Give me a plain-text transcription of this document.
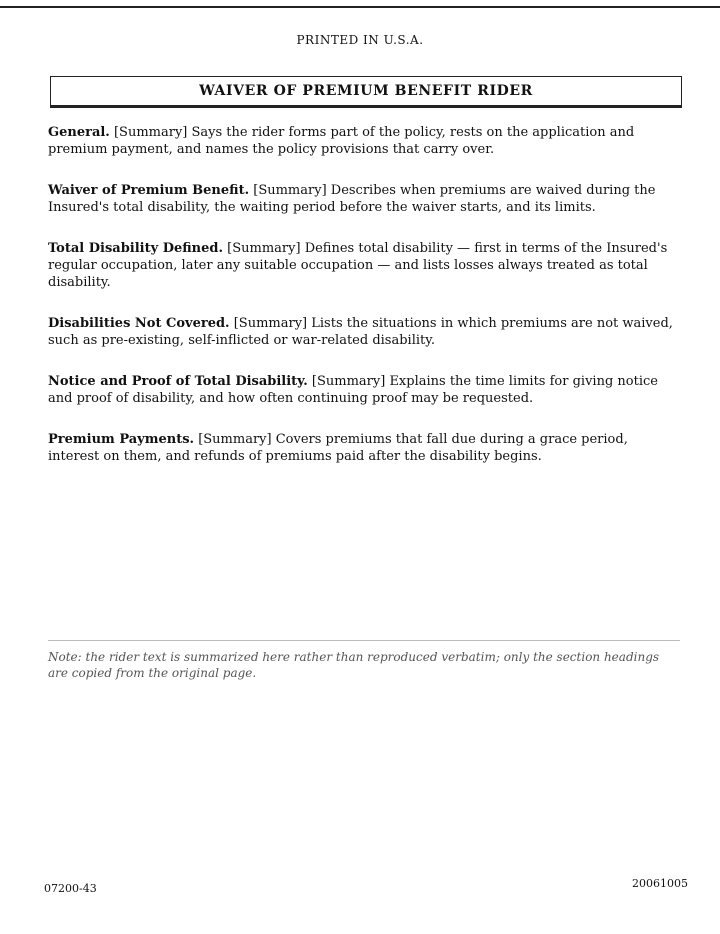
PRINTED IN U.S.A.
WAIVER OF PREMIUM BENEFIT RIDER
General. [Summary] Says the rider forms part of the policy, rests on the application and premium payment, and names the policy provisions that carry over.
Waiver of Premium Benefit. [Summary] Describes when premiums are waived during the Insured's total disability, the waiting period before the waiver starts, and its limits.
Total Disability Defined. [Summary] Defines total disability — first in terms of the Insured's regular occupation, later any suitable occupation — and lists losses always treated as total disability.
Disabilities Not Covered. [Summary] Lists the situations in which premiums are not waived, such as pre-existing, self-inflicted or war-related disability.
Notice and Proof of Total Disability. [Summary] Explains the time limits for giving notice and proof of disability, and how often continuing proof may be requested.
Premium Payments. [Summary] Covers premiums that fall due during a grace period, interest on them, and refunds of premiums paid after the disability begins.
Note: the rider text is summarized here rather than reproduced verbatim; only the section headings are copied from the original page.
07200-43	20061005
